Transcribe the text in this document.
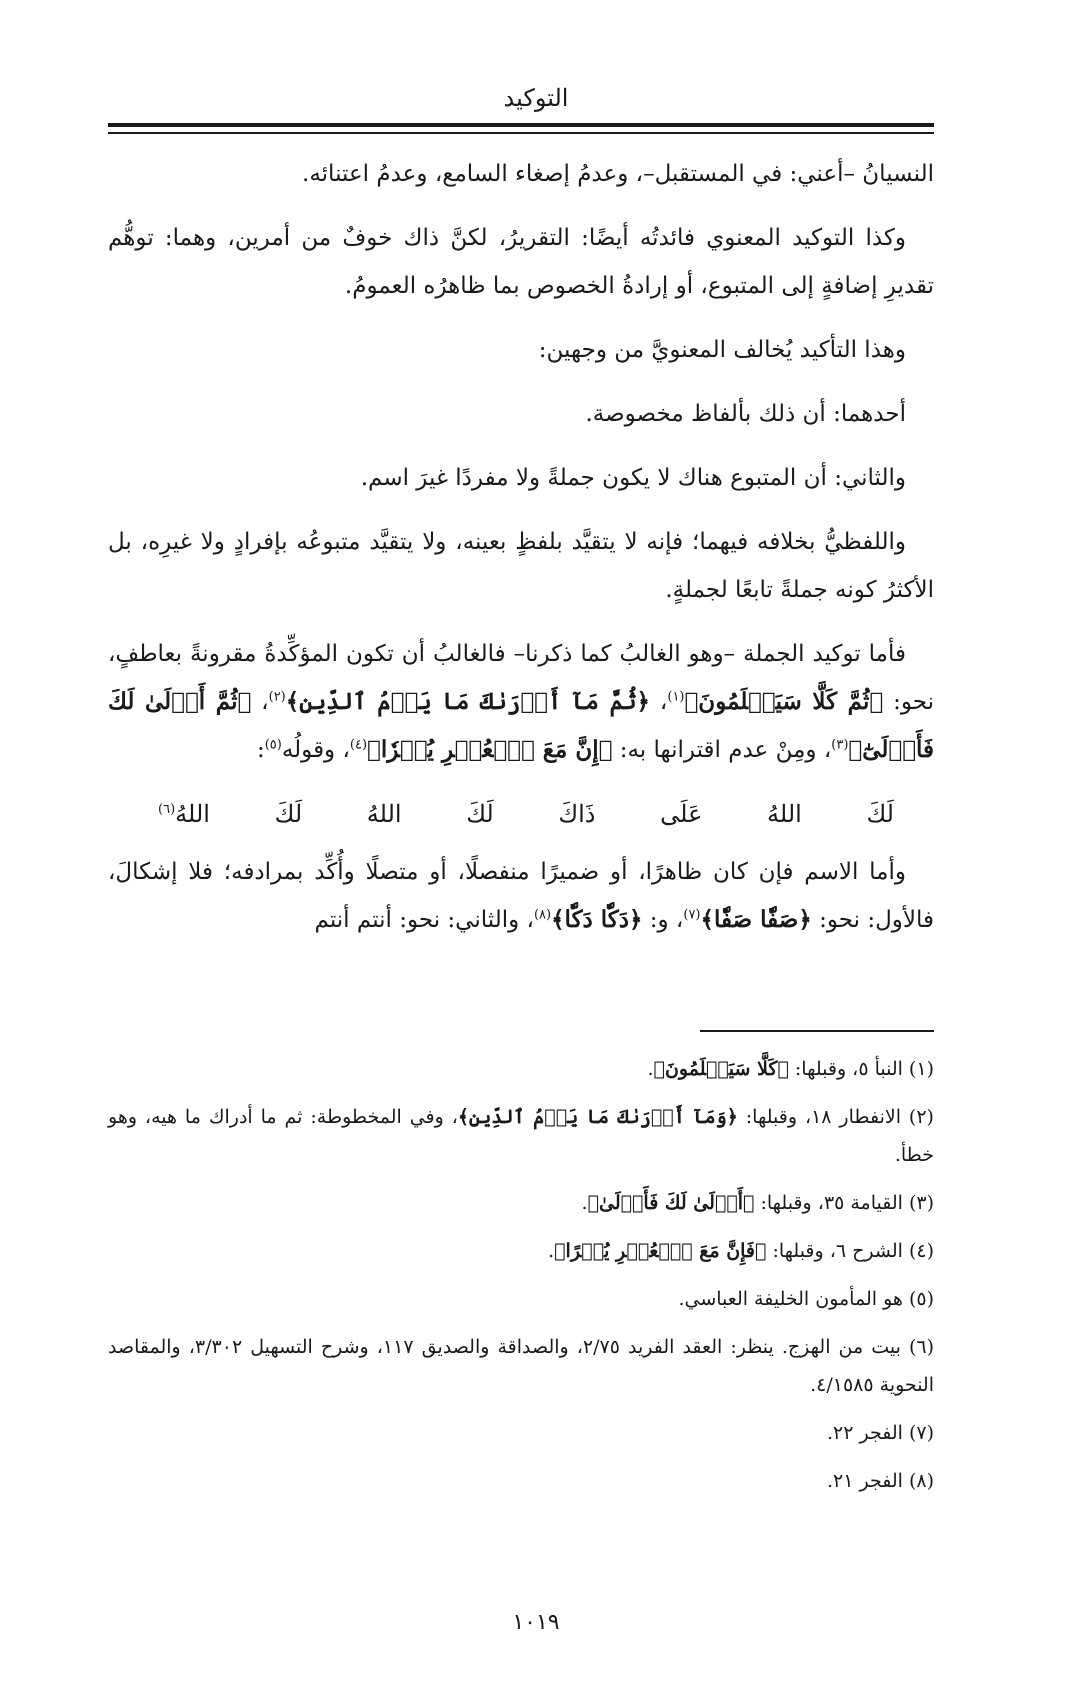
التوكيد

النسيانُ –أعني: في المستقبل–، وعدمُ إصغاء السامع، وعدمُ اعتنائه.

وكذا التوكيد المعنوي فائدتُه أيضًا: التقريرُ، لكنَّ ذاك خوفٌ من أمرين، وهما: توهُّم تقديرِ إضافةٍ إلى المتبوع، أو إرادةُ الخصوص بما ظاهرُه العمومُ.

وهذا التأكيد يُخالف المعنويَّ من وجهين:

أحدهما: أن ذلك بألفاظ مخصوصة.

والثاني: أن المتبوع هناك لا يكون جملةً ولا مفردًا غيرَ اسم.

واللفظيُّ بخلافه فيهما؛ فإنه لا يتقيَّد بلفظٍ بعينه، ولا يتقيَّد متبوعُه بإفرادٍ ولا غيرِه، بل الأكثرُ كونه جملةً تابعًا لجملةٍ.

فأما توكيد الجملة –وهو الغالبُ كما ذكرنا– فالغالبُ أن تكون المؤكِّدةُ مقرونةً بعاطفٍ، نحو: ﴿ثُمَّ كَلَّا سَيَعۡلَمُونَ﴾$^{(١)}$، ﴿ثُمَّ مَآ أَدۡرَىٰكَ مَا يَوۡمُ ٱلدِّينِ﴾$^{(٢)}$، ﴿ثُمَّ أَوۡلَىٰ لَكَ فَأَوۡلَىٰٓ﴾$^{(٣)}$، ومِنْ عدم اقترانها به: ﴿إِنَّ مَعَ ٱلۡعُسۡرِ يُسۡرٗا﴾$^{(٤)}$، وقولُه$^{(٥)}$:

لَكَ
اللهُ
عَلَى
ذَاكَ
لَكَ
اللهُ
لَكَ
اللهُ$^{(٦)}$

وأما الاسم فإن كان ظاهرًا، أو ضميرًا منفصلًا، أو متصلًا وأُكِّد بمرادفه؛ فلا إشكالَ، فالأول: نحو: ﴿صَفّٗا صَفّٗا﴾$^{(٧)}$، و: ﴿دَكّٗا دَكّٗا﴾$^{(٨)}$، والثاني: نحو: أنتم أنتم

(١) النبأ ٥، وقبلها: ﴿كَلَّا سَيَعۡلَمُونَ﴾.

(٢) الانفطار ١٨، وقبلها: ﴿وَمَآ أَدۡرَىٰكَ مَا يَوۡمُ ٱلدِّينِ﴾، وفي المخطوطة: ثم ما أدراك ما هيه، وهو خطأ.

(٣) القيامة ٣٥، وقبلها: ﴿أَوۡلَىٰ لَكَ فَأَوۡلَىٰ﴾.

(٤) الشرح ٦، وقبلها: ﴿فَإِنَّ مَعَ ٱلۡعُسۡرِ يُسۡرًا﴾.

(٥) هو المأمون الخليفة العباسي.

(٦) بيت من الهزج. ينظر: العقد الفريد ٢/٧٥، والصداقة والصديق ١١٧، وشرح التسهيل ٣/٣٠٢، والمقاصد النحوية ٤/١٥٨٥.

(٧) الفجر ٢٢.

(٨) الفجر ٢١.

١٠١٩
